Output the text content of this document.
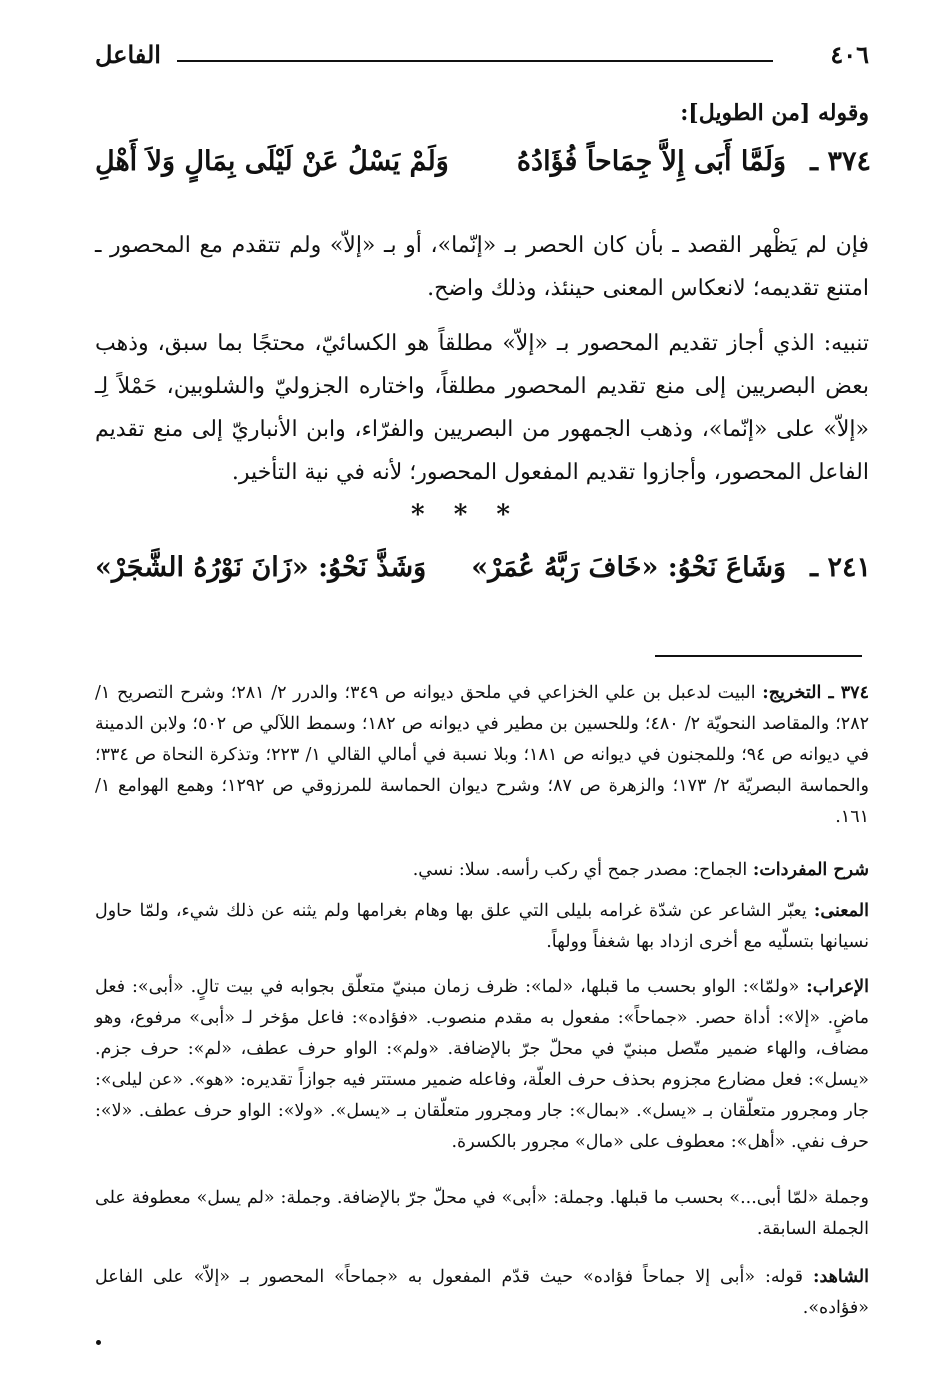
٤٠٦
الفاعل
وقوله [من الطويل]:
٣٧٤ ـ
وَلَمَّا أَبَى إِلاَّ جِمَاحاً فُؤَادُهُ
وَلَمْ يَسْلُ عَنْ لَيْلَى بِمَالٍ وَلاَ أَهْلِ

فإن لم يَظْهر القصد ـ بأن كان الحصر بـ «إنّما»، أو بـ «إلاّ» ولم تتقدم مع المحصور ـ امتنع تقديمه؛ لانعكاس المعنى حينئذ، وذلك واضح.

تنبيه: الذي أجاز تقديم المحصور بـ «إلاّ» مطلقاً هو الكسائيّ، محتجًا بما سبق، وذهب بعض البصريين إلى منع تقديم المحصور مطلقاً، واختاره الجزوليّ والشلوبين، حَمْلاً لِـ «إلاّ» على «إنّما»، وذهب الجمهور من البصريين والفرّاء، وابن الأنباريّ إلى منع تقديم الفاعل المحصور، وأجازوا تقديم المفعول المحصور؛ لأنه في نية التأخير.

* * *
٢٤١ ـ
وَشَاعَ نَحْوُ: «خَافَ رَبَّهُ عُمَرْ»
وَشَذَّ نَحْوُ: «زَانَ نَوْرُهُ الشَّجَرْ»

٣٧٤ ـ التخريج: البيت لدعبل بن علي الخزاعي في ملحق ديوانه ص ٣٤٩؛ والدرر ٢/ ٢٨١؛ وشرح التصريح ١/ ٢٨٢؛ والمقاصد النحويّة ٢/ ٤٨٠؛ وللحسين بن مطير في ديوانه ص ١٨٢؛ وسمط اللآلي ص ٥٠٢؛ ولابن الدمينة في ديوانه ص ٩٤؛ وللمجنون في ديوانه ص ١٨١؛ وبلا نسبة في أمالي القالي ١/ ٢٢٣؛ وتذكرة النحاة ص ٣٣٤؛ والحماسة البصريّة ٢/ ١٧٣؛ والزهرة ص ٨٧؛ وشرح ديوان الحماسة للمرزوقي ص ١٢٩٢؛ وهمع الهوامع ١/ ١٦١.

شرح المفردات: الجماح: مصدر جمح أي ركب رأسه. سلا: نسي.

المعنى: يعبّر الشاعر عن شدّة غرامه بليلى التي علق بها وهام بغرامها ولم يثنه عن ذلك شيء، ولمّا حاول نسيانها بتسلّيه مع أخرى ازداد بها شغفاً وولهاً.

الإعراب: «ولمّا»: الواو بحسب ما قبلها، «لما»: ظرف زمان مبنيّ متعلّق بجوابه في بيت تالٍ. «أبى»: فعل ماضٍ. «إلا»: أداة حصر. «جماحاً»: مفعول به مقدم منصوب. «فؤاده»: فاعل مؤخر لـ «أبى» مرفوع، وهو مضاف، والهاء ضمير متّصل مبنيّ في محلّ جرّ بالإضافة. «ولم»: الواو حرف عطف، «لم»: حرف جزم. «يسل»: فعل مضارع مجزوم بحذف حرف العلّة، وفاعله ضمير مستتر فيه جوازاً تقديره: «هو». «عن ليلى»: جار ومجرور متعلّقان بـ «يسل». «بمال»: جار ومجرور متعلّقان بـ «يسل». «ولا»: الواو حرف عطف. «لا»: حرف نفي. «أهل»: معطوف على «مال» مجرور بالكسرة.

وجملة «لمّا أبى...» بحسب ما قبلها. وجملة: «أبى» في محلّ جرّ بالإضافة. وجملة: «لم يسل» معطوفة على الجملة السابقة.

الشاهد: قوله: «أبى إلا جماحاً فؤاده» حيث قدّم المفعول به «جماحاً» المحصور بـ «إلاّ» على الفاعل «فؤاده».
